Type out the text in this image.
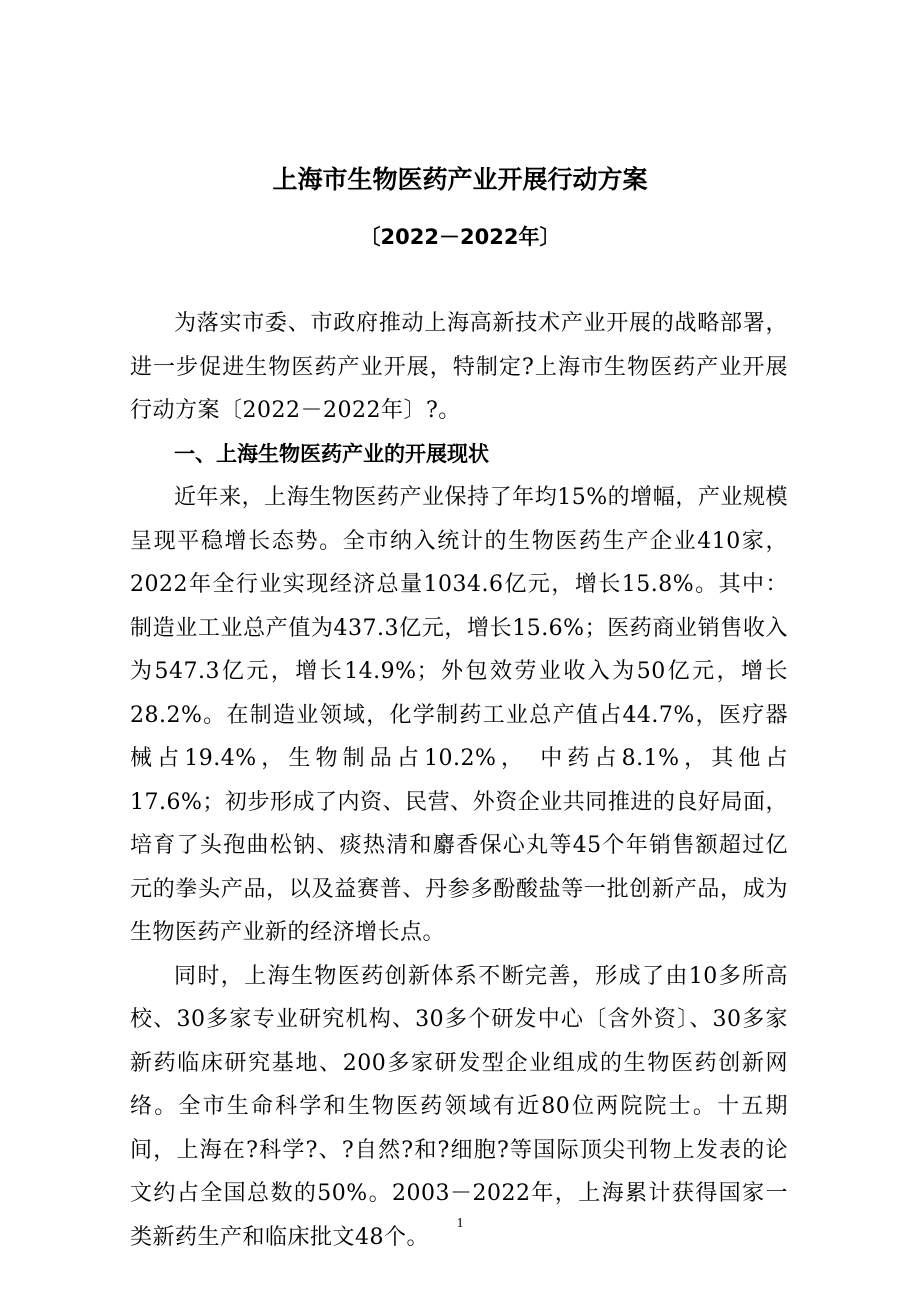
上海市生物医药产业开展行动方案
〔2022－2022年〕

为落实市委、市政府推动上海高新技术产业开展的战略部署，进一步促进生物医药产业开展，特制定?上海市生物医药产业开展行动方案〔2022－2022年〕?。

一、上海生物医药产业的开展现状

近年来，上海生物医药产业保持了年均15%的增幅，产业规模呈现平稳增长态势。全市纳入统计的生物医药生产企业410家，2022年全行业实现经济总量1034.6亿元，增长15.8%。其中：制造业工业总产值为437.3亿元，增长15.6%；医药商业销售收入为547.3亿元，增长14.9%；外包效劳业收入为50亿元，增长28.2%。在制造业领域，化学制药工业总产值占44.7%，医疗器械占19.4%，生物制品占10.2%， 中药占8.1%，其他占17.6%；初步形成了内资、民营、外资企业共同推进的良好局面，培育了头孢曲松钠、痰热清和麝香保心丸等45个年销售额超过亿元的拳头产品，以及益赛普、丹参多酚酸盐等一批创新产品，成为生物医药产业新的经济增长点。

同时，上海生物医药创新体系不断完善，形成了由10多所高校、30多家专业研究机构、30多个研发中心〔含外资〕、30多家新药临床研究基地、200多家研发型企业组成的生物医药创新网络。全市生命科学和生物医药领域有近80位两院院士。十五期间，上海在?科学?、?自然?和?细胞?等国际顶尖刊物上发表的论文约占全国总数的50%。2003－2022年，上海累计获得国家一类新药生产和临床批文48个。

1
